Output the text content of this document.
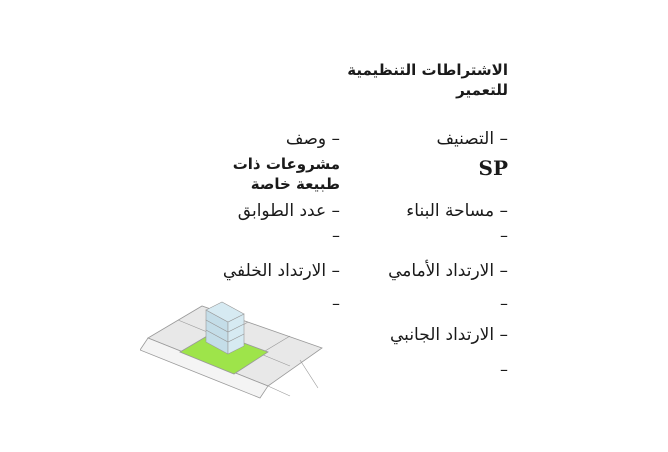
الاشتراطات التنظيمية
للتعمير
– التصنيف
SP
– مساحة البناء
–
– الارتداد الأمامي
–
– الارتداد الجانبي
–
– وصف
مشروعات ذات
طبيعة خاصة
– عدد الطوابق
–
– الارتداد الخلفي
–
